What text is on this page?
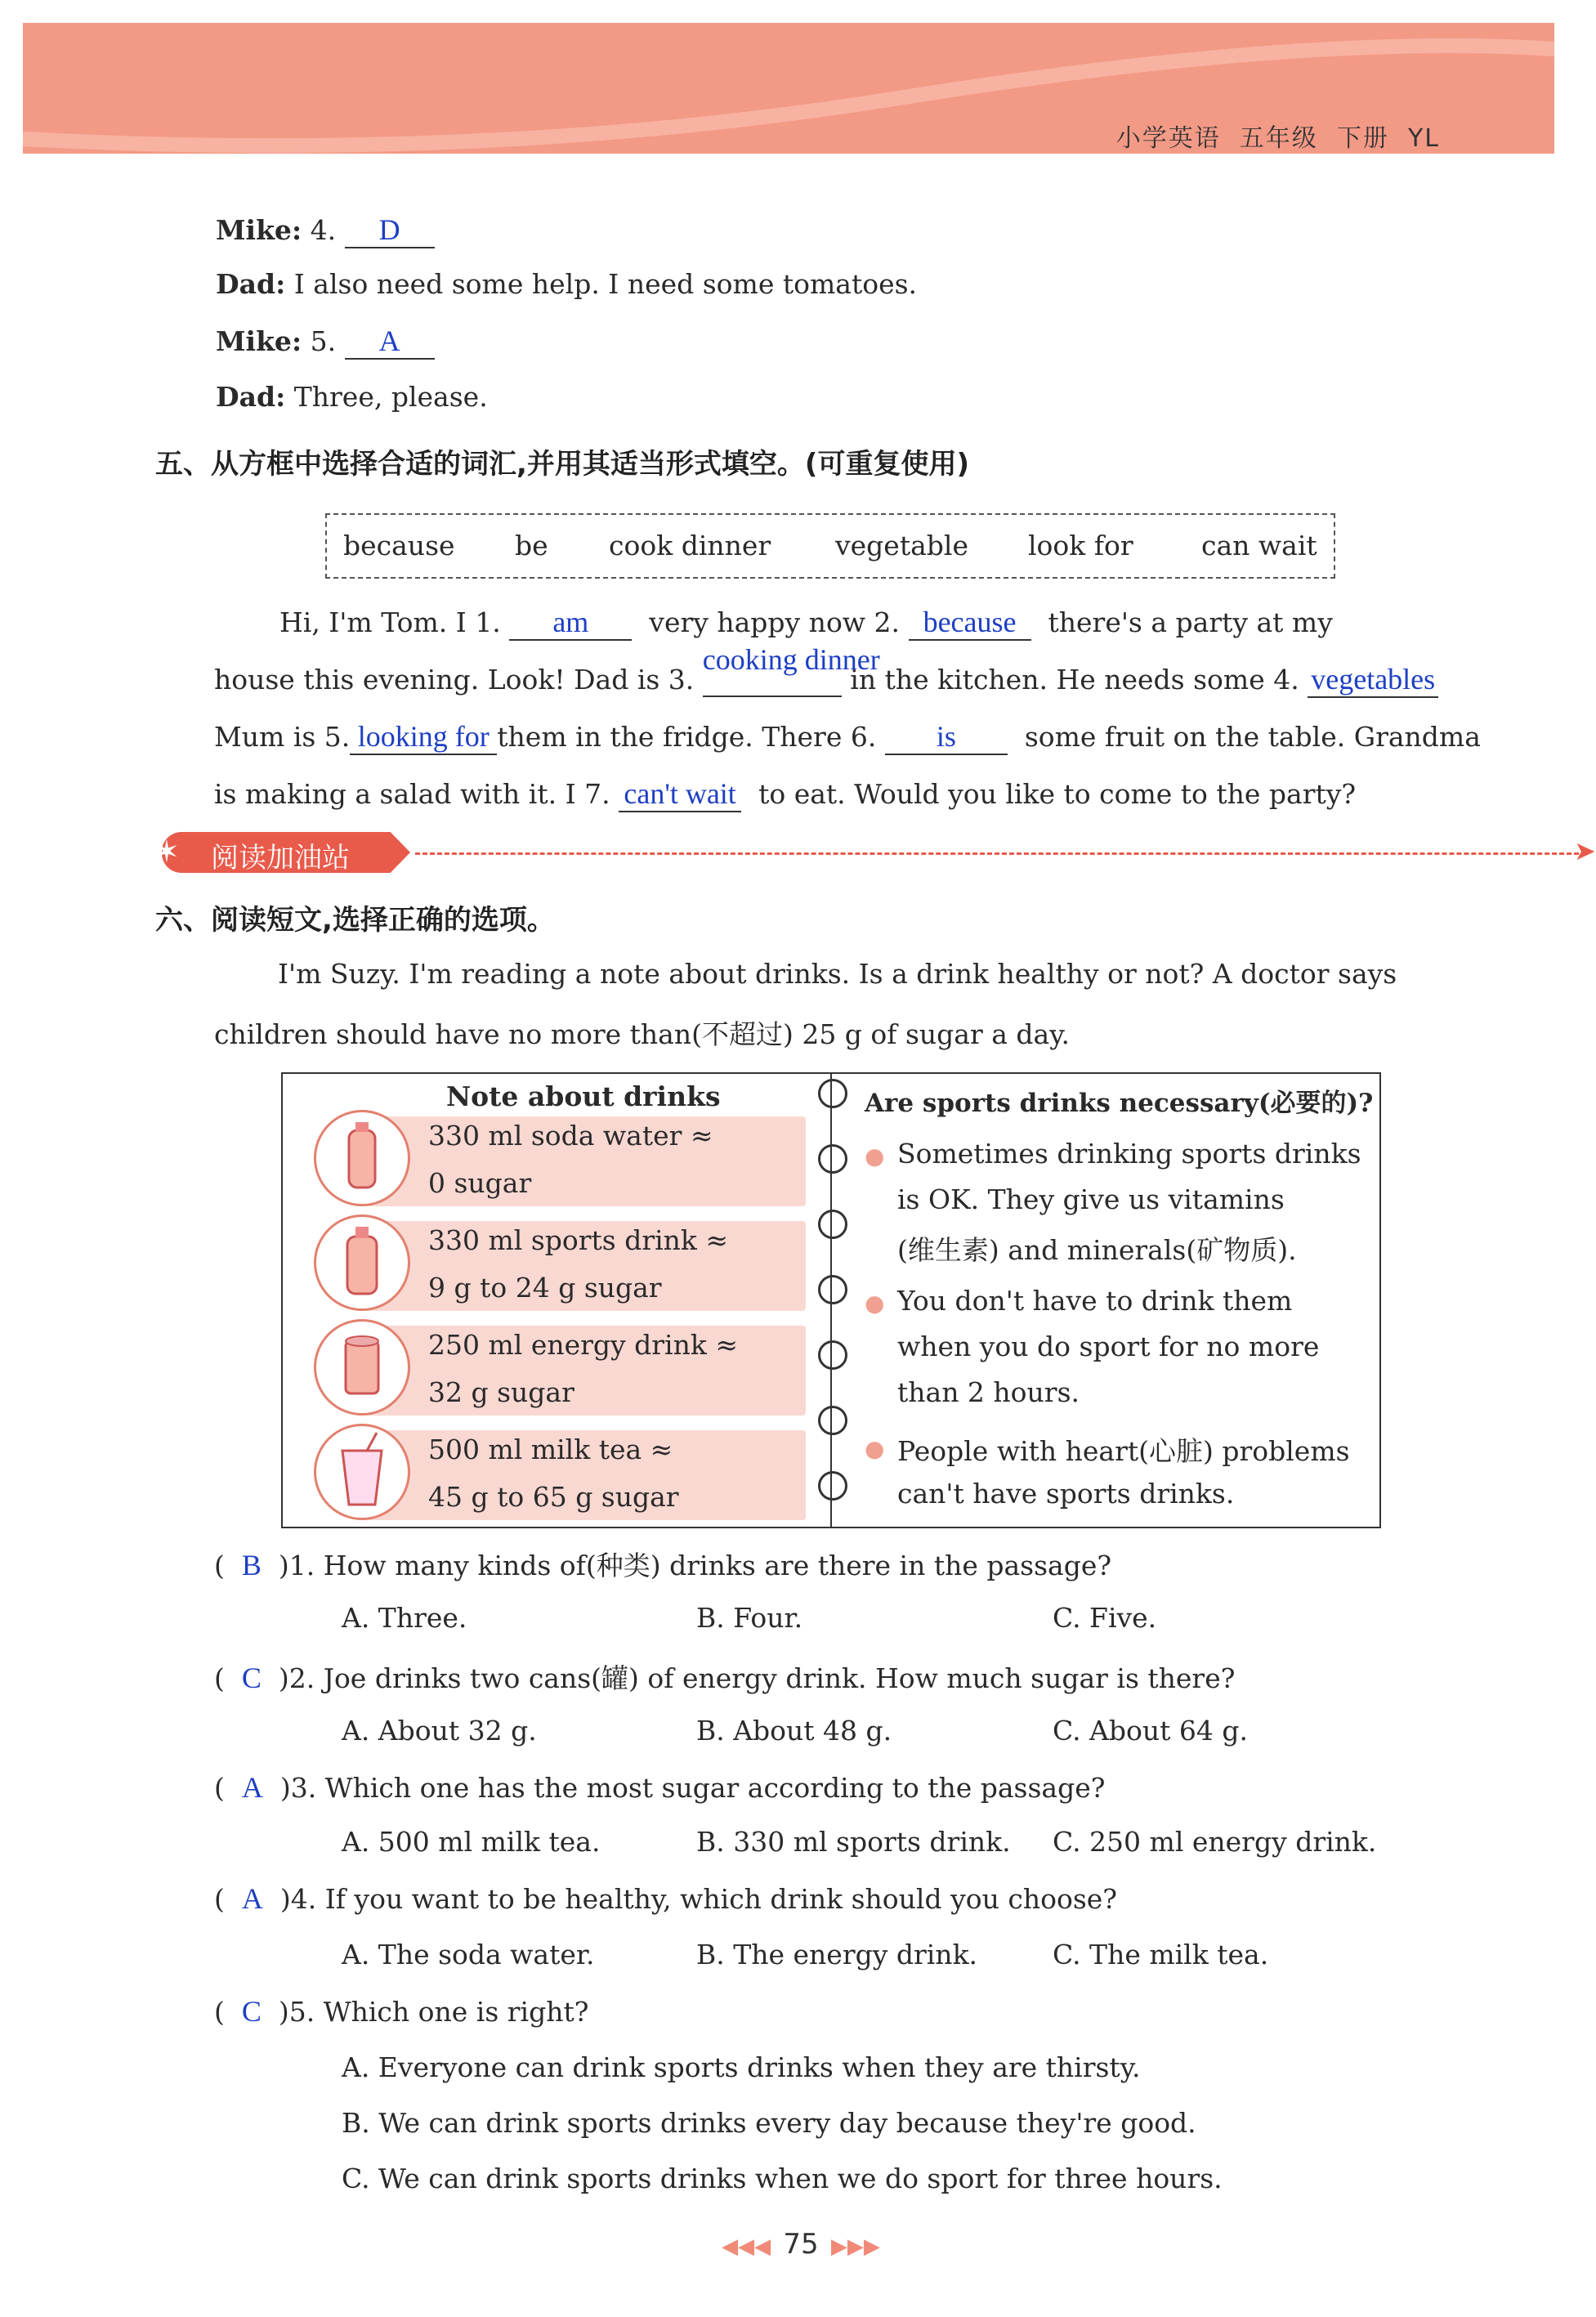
小学英语 五年级 下册 YL
Mike: 4. D
Dad: I also need some help. I need some tomatoes.
Mike: 5. A
Dad: Three, please.
五、从方框中选择合适的词汇,并用其适当形式填空。(可重复使用)
because be cook dinner vegetable look for	can wait
Hi, I'm Tom. I 1. am very happy now 2. because there's a party at my
house this evening. Look! Dad is 3.
cooking dinner
in the kitchen. He needs some 4. vegetables
Mum is 5. looking for them in the fridge. There 6. is	some fruit on the table. Grandma
is making a salad with it. I 7. can't wait to eat. Would you like to come to the party?
✶ 阅读加油站	➤
六、阅读短文,选择正确的选项。
I'm Suzy. I'm reading a note about drinks. Is a drink healthy or not? A doctor says
children should have no more than(不超过) 25 g of sugar a day.
Note about drinks
330 ml soda water ≈
0 sugar
330 ml sports drink ≈
9 g to 24 g sugar
250 ml energy drink ≈
32 g sugar
500 ml milk tea ≈
45 g to 65 g sugar
Are sports drinks necessary(必要的)?
● Sometimes drinking sports drinks
is OK. They give us vitamins
(维生素) and minerals(矿物质).
● You don't have to drink them
when you do sport for no more
than 2 hours.
● People with heart(心脏) problems
can't have sports drinks.
(  B )1. How many kinds of(种类) drinks are there in the passage?
A. Three.	B. Four.	C. Five.
(  C )2. Joe drinks two cans(罐) of energy drink. How much sugar is there?
A. About 32 g.	B. About 48 g.	C. About 64 g.
(  A )3. Which one has the most sugar according to the passage?
A. 500 ml milk tea.	B. 330 ml sports drink. C. 250 ml energy drink.
(  A )4. If you want to be healthy, which drink should you choose?
A. The soda water.	B. The energy drink.	C. The milk tea.
(  C )5. Which one is right?
A. Everyone can drink sports drinks when they are thirsty.
B. We can drink sports drinks every day because they're good.
C. We can drink sports drinks when we do sport for three hours.
◀◀◀ 75 ▶▶▶
